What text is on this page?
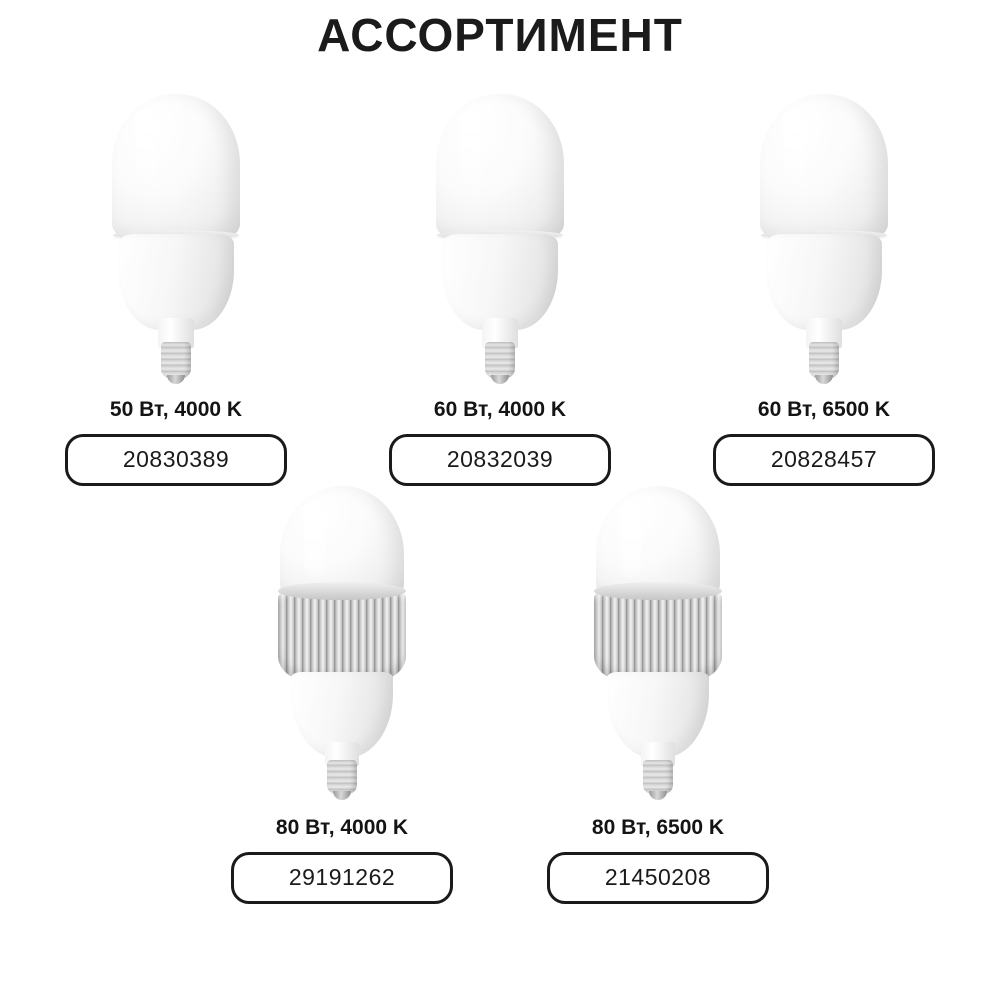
АССОРТИМЕНТ
50 Вт, 4000 K
20830389
60 Вт, 4000 K
20832039
60 Вт, 6500 K
20828457
80 Вт, 4000 K
29191262
80 Вт, 6500 K
21450208
